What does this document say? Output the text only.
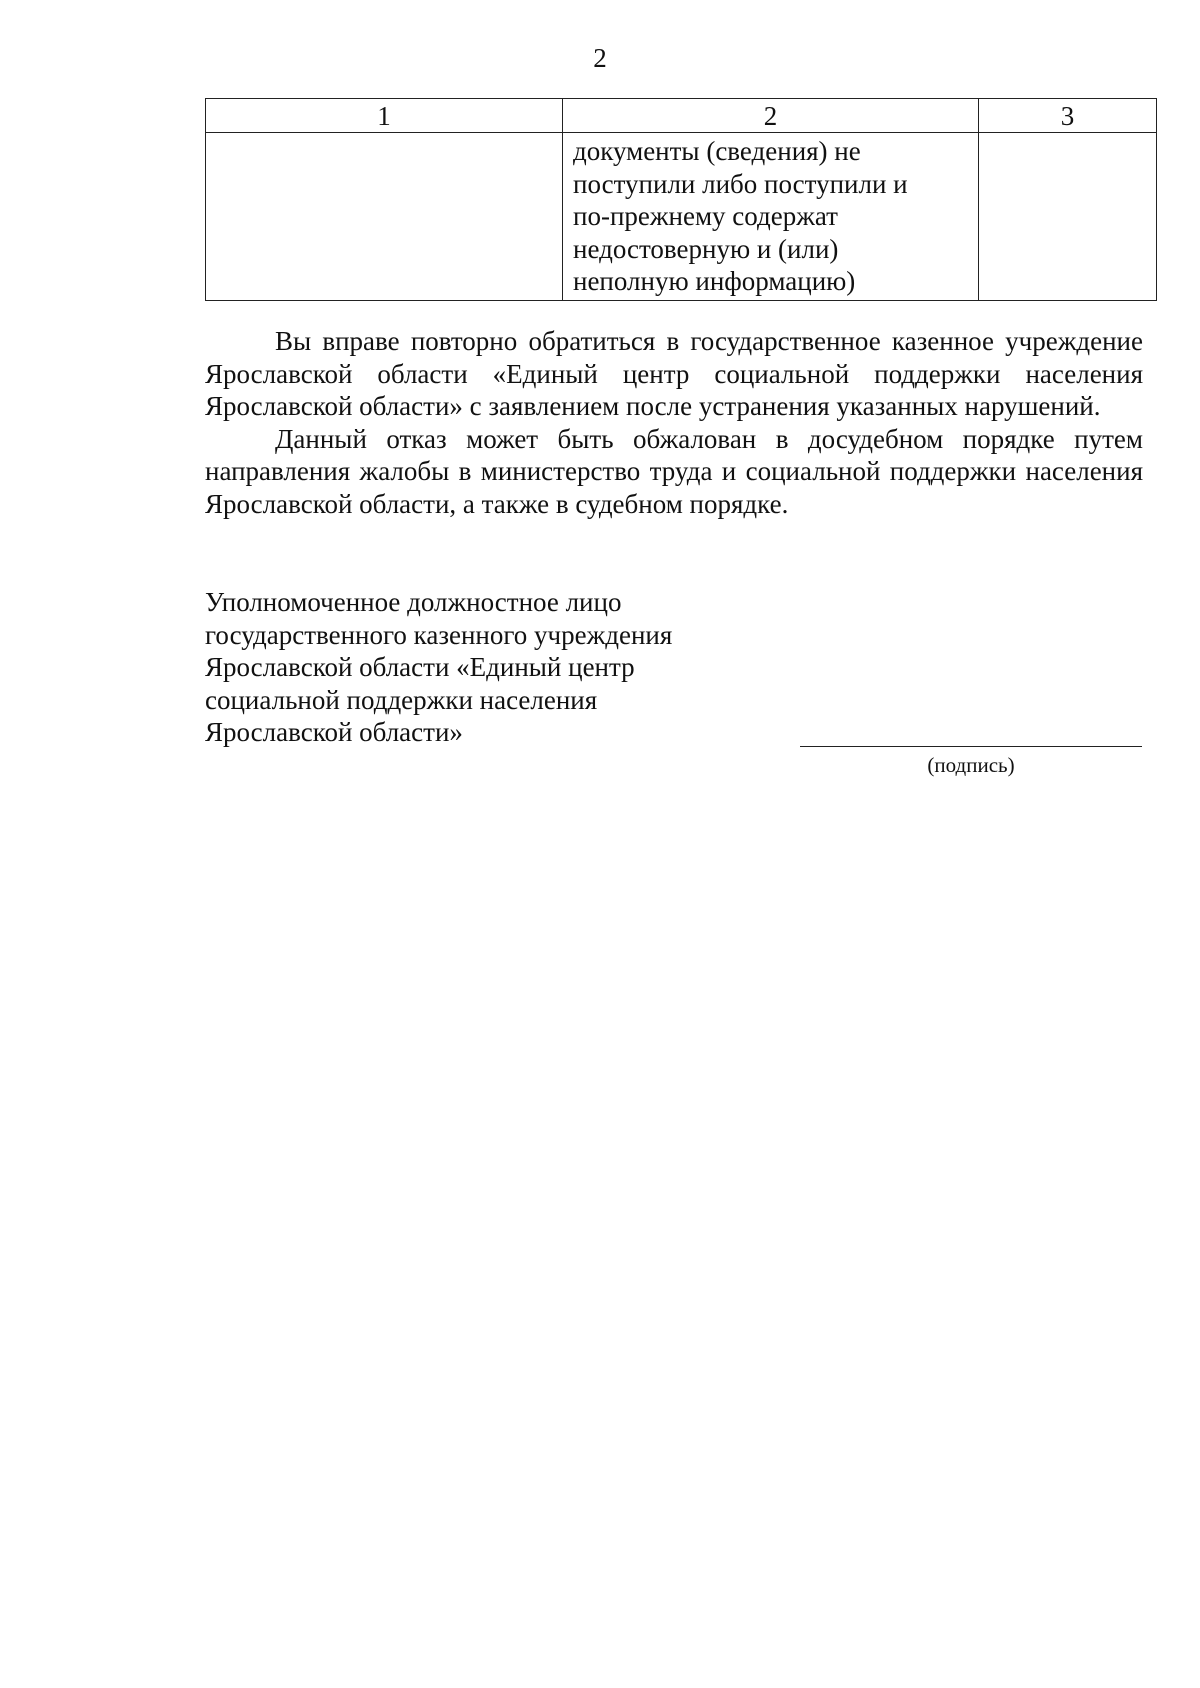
2
1	2	3

	документы (сведения) не
поступили либо поступили и
по-прежнему содержат
недостоверную и (или)
неполную информацию)	

Вы вправе повторно обратиться в государственное казенное учреждение Ярославской области «Единый центр социальной поддержки населения Ярославской области» с заявлением после устранения указанных нарушений.

Данный отказ может быть обжалован в досудебном порядке путем направления жалобы в министерство труда и социальной поддержки населения Ярославской области, а также в судебном порядке.

Уполномоченное должностное лицо
государственного казенного учреждения
Ярославской области «Единый центр
социальной поддержки населения
Ярославской области»
(подпись)
